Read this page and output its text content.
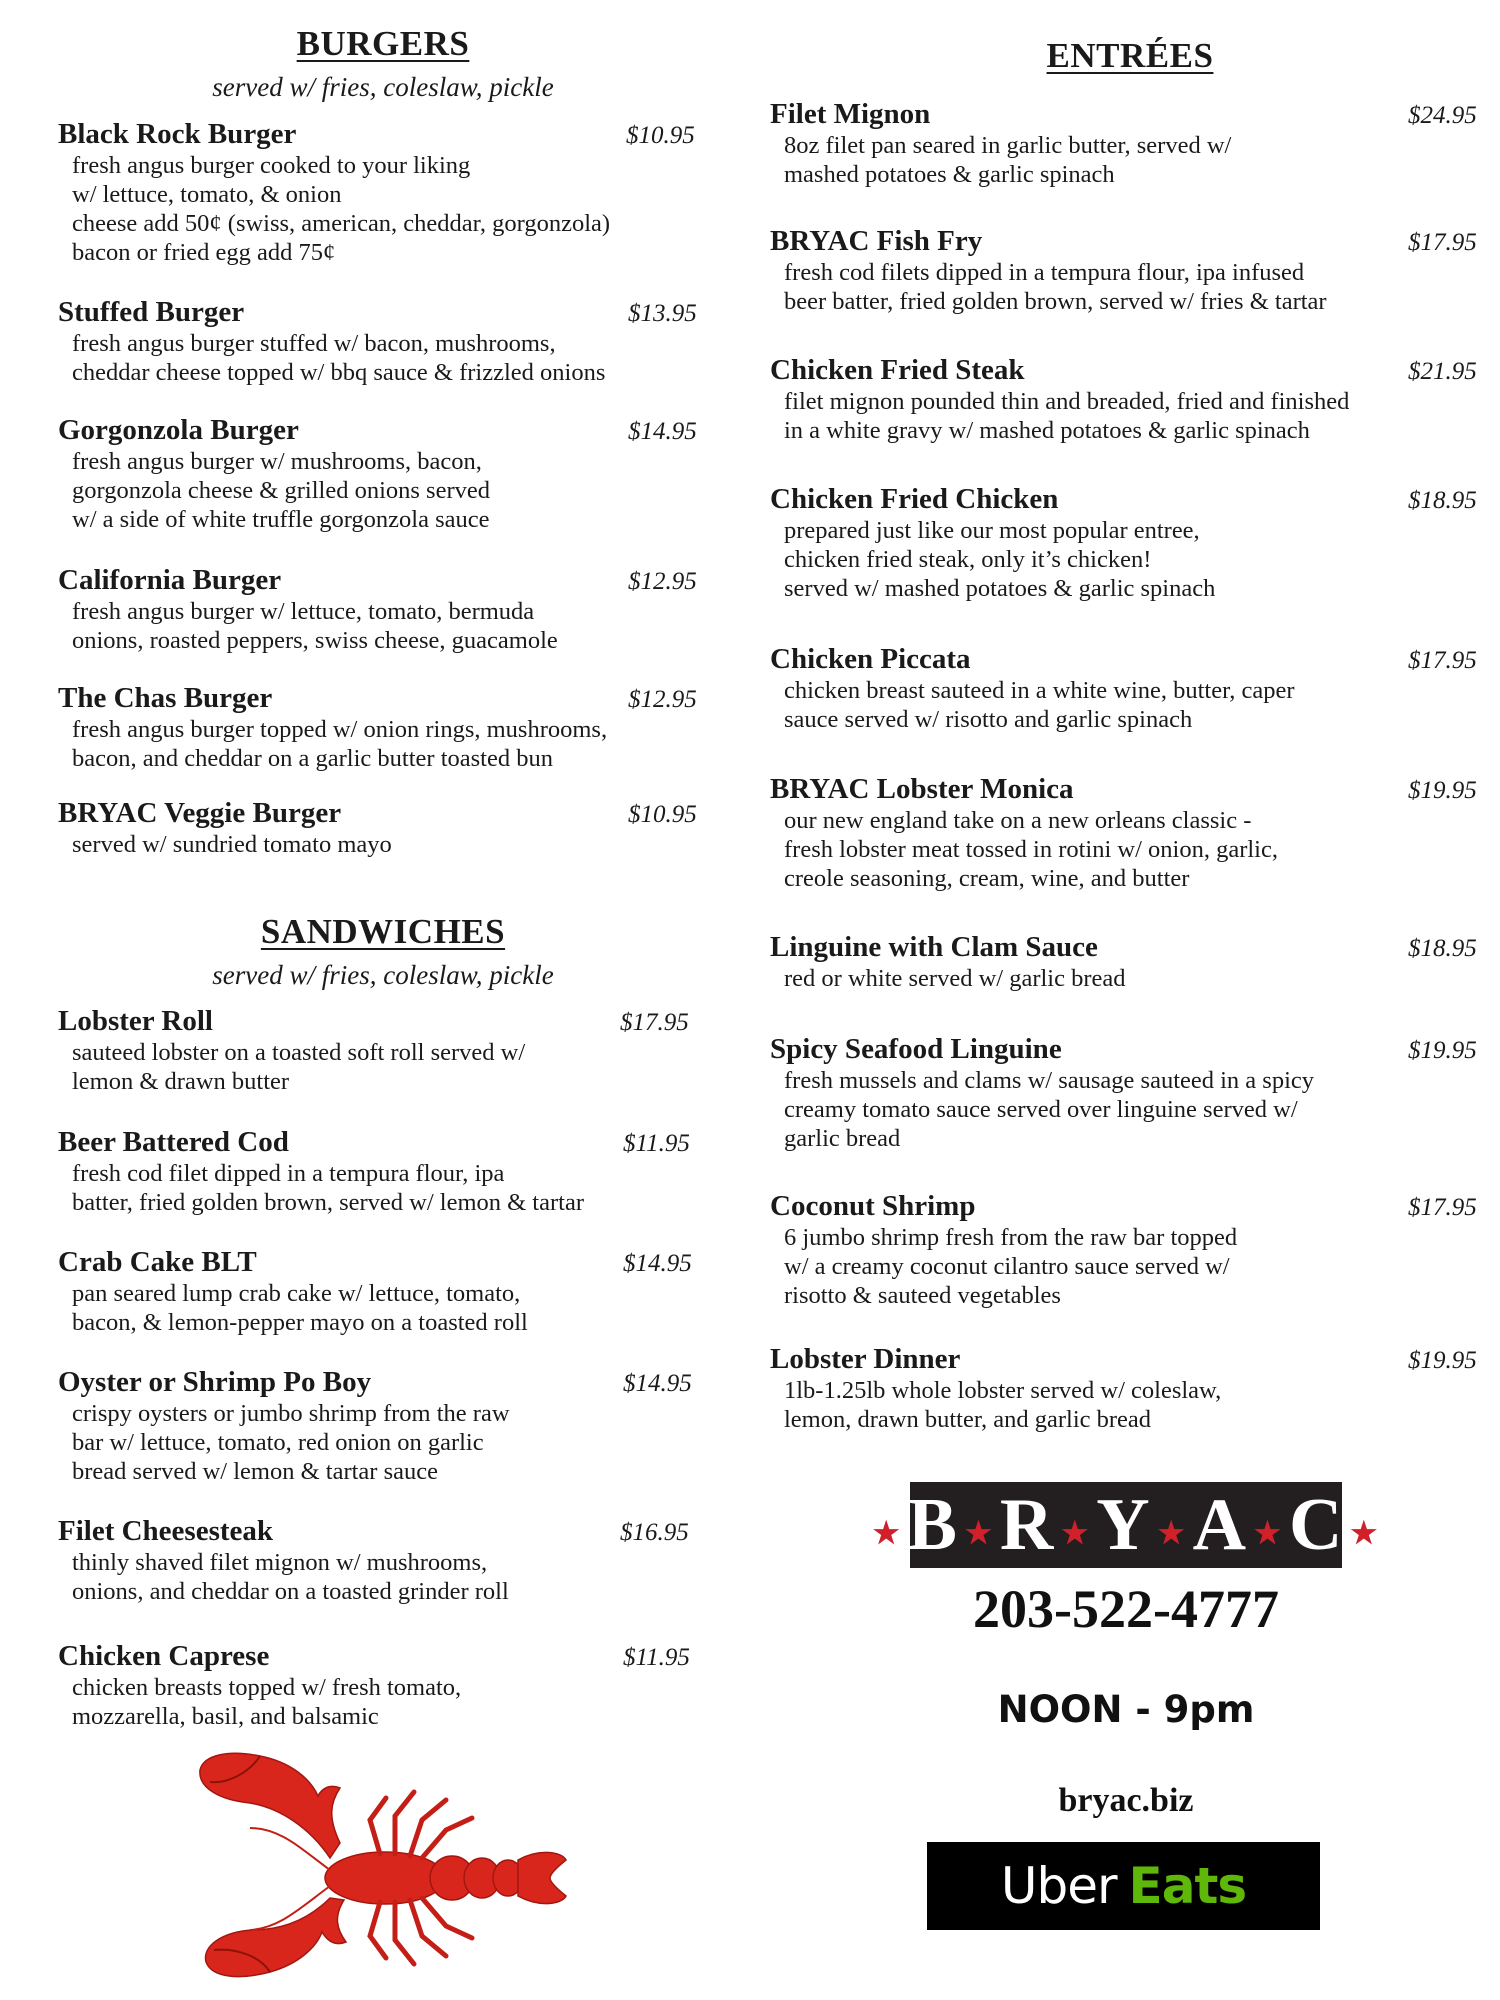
BURGERS
served w/ fries, coleslaw, pickle
Black Rock Burger	$10.95
fresh angus burger cooked to your liking
w/ lettuce, tomato, & onion
cheese add 50¢ (swiss, american, cheddar, gorgonzola)
bacon or fried egg add 75¢
Stuffed Burger	$13.95
fresh angus burger stuffed w/ bacon, mushrooms,
cheddar cheese topped w/ bbq sauce & frizzled onions
Gorgonzola Burger	$14.95
fresh angus burger w/ mushrooms, bacon,
gorgonzola cheese & grilled onions served
w/ a side of white truffle gorgonzola sauce
California Burger	$12.95
fresh angus burger w/ lettuce, tomato, bermuda
onions, roasted peppers, swiss cheese, guacamole
The Chas Burger	$12.95
fresh angus burger topped w/ onion rings, mushrooms,
bacon, and cheddar on a garlic butter toasted bun
BRYAC Veggie Burger	$10.95
served w/ sundried tomato mayo
SANDWICHES
served w/ fries, coleslaw, pickle
Lobster Roll	$17.95
sauteed lobster on a toasted soft roll served w/
lemon & drawn butter
Beer Battered Cod	$11.95
fresh cod filet dipped in a tempura flour, ipa
batter, fried golden brown, served w/ lemon & tartar
Crab Cake BLT	$14.95
pan seared lump crab cake w/ lettuce, tomato,
bacon, & lemon-pepper mayo on a toasted roll
Oyster or Shrimp Po Boy	$14.95
crispy oysters or jumbo shrimp from the raw
bar w/ lettuce, tomato, red onion on garlic
bread served w/ lemon & tartar sauce
Filet Cheesesteak	$16.95
thinly shaved filet mignon w/ mushrooms,
onions, and cheddar on a toasted grinder roll
Chicken Caprese	$11.95
chicken breasts topped w/ fresh tomato,
mozzarella, basil, and balsamic
ENTRÉES
Filet Mignon	$24.95
8oz filet pan seared in garlic butter, served w/
mashed potatoes & garlic spinach
BRYAC Fish Fry	$17.95
fresh cod filets dipped in a tempura flour, ipa infused
beer batter, fried golden brown, served w/ fries & tartar
Chicken Fried Steak	$21.95
filet mignon pounded thin and breaded, fried and finished
in a white gravy w/ mashed potatoes & garlic spinach
Chicken Fried Chicken	$18.95
prepared just like our most popular entree,
chicken fried steak, only it’s chicken!
served w/ mashed potatoes & garlic spinach
Chicken Piccata	$17.95
chicken breast sauteed in a white wine, butter, caper
sauce served w/ risotto and garlic spinach
BRYAC Lobster Monica	$19.95
our new england take on a new orleans classic -
fresh lobster meat tossed in rotini w/ onion, garlic,
creole seasoning, cream, wine, and butter
Linguine with Clam Sauce	$18.95
red or white served w/ garlic bread
Spicy Seafood Linguine	$19.95
fresh mussels and clams w/ sausage sauteed in a spicy
creamy tomato sauce served over linguine served w/
garlic bread
Coconut Shrimp	$17.95
6 jumbo shrimp fresh from the raw bar topped
w/ a creamy coconut cilantro sauce served w/
risotto & sauteed vegetables
Lobster Dinner	$19.95
1lb-1.25lb whole lobster served w/ coleslaw,
lemon, drawn butter, and garlic bread
★B ★R ★Y ★A ★C ★
203-522-4777
NOON - 9pm
bryac.biz
Uber Eats
